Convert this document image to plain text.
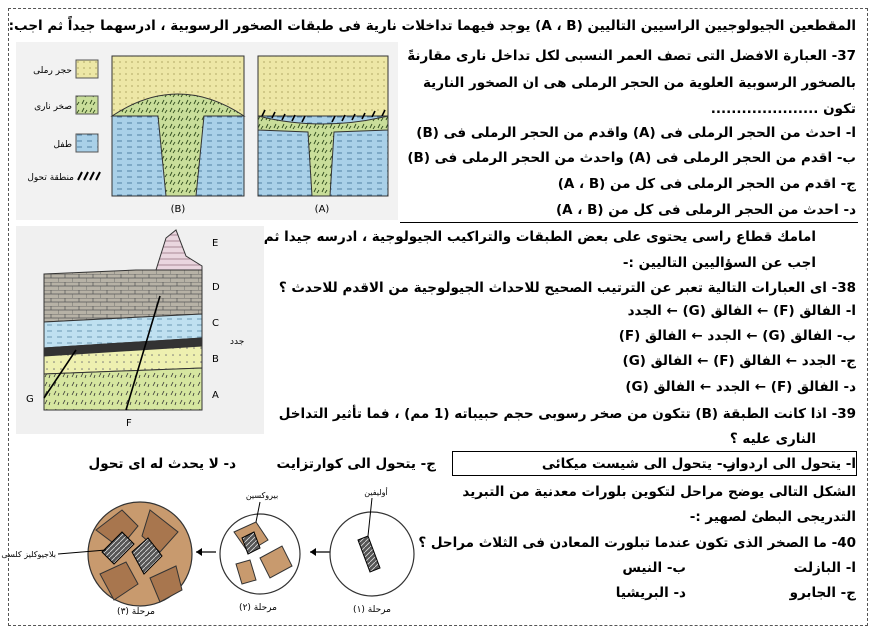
المقطعين الجيولوجيين الراسيين التاليين (A ، B) يوجد فيهما تداخلات نارية فى طبقات الصخور الرسوبية ، ادرسهما جيداً ثم اجب:
37- العبارة الافضل التى تصف العمر النسبى لكل تداخل نارى مقارنةً
بالصخور الرسوبية العلوية من الحجر الرملى هى ان الصخور النارية
تكون .....................
ا- احدث من الحجر الرملى فى (A) واقدم من الحجر الرملى فى (B)
ب- اقدم من الحجر الرملى فى (A) واحدث من الحجر الرملى فى (B)
ج- اقدم من الحجر الرملى فى كل من (A ، B)
د- احدث من الحجر الرملى فى كل من (A ، B)
حجر رملى
صخر نارى
طفل
منطقة تحول
(B)	(A)
امامك قطاع راسى يحتوى على بعض الطبقات والتراكيب الجيولوجية ، ادرسه جيدا ثم
اجب عن السؤاليين التاليين :-
38- اى العبارات التالية تعبر عن الترتيب الصحيح للاحداث الجيولوجية من الاقدم للاحدث ؟
ا- الفالق (F) ← الفالق (G) ← الجدد
ب- الفالق (G) ← الجدد ← الفالق (F)
ج- الجدد ← الفالق (F) ← الفالق (G)
د- الفالق (F) ← الجدد ← الفالق (G)
E
D
C
جدد
B
A
G
F
39- اذا كانت الطبقة (B) تتكون من صخر رسوبى حجم حبيباته (1 مم) ، فما تأثير التداخل
النارى عليه ؟
ا- يتحول الى اردواز
ب- يتحول الى شيست ميكائى
ج- يتحول الى كوارتزايت
د- لا يحدث له اى تحول
الشكل التالى يوضح مراحل لتكوين بلورات معدنية من التبريد
التدريجى البطئ لصهير :-
40- ما الصخر الذى تكون عندما تبلورت المعادن فى الثلاث مراحل ؟
ا- البازلت
ب- النيس
ج- الجابرو
د- البريشيا
بلاجيوكليز كلسى
مرحلة (٣)
بيروكسين
مرحلة (٢)
أوليفين
مرحلة (١)
